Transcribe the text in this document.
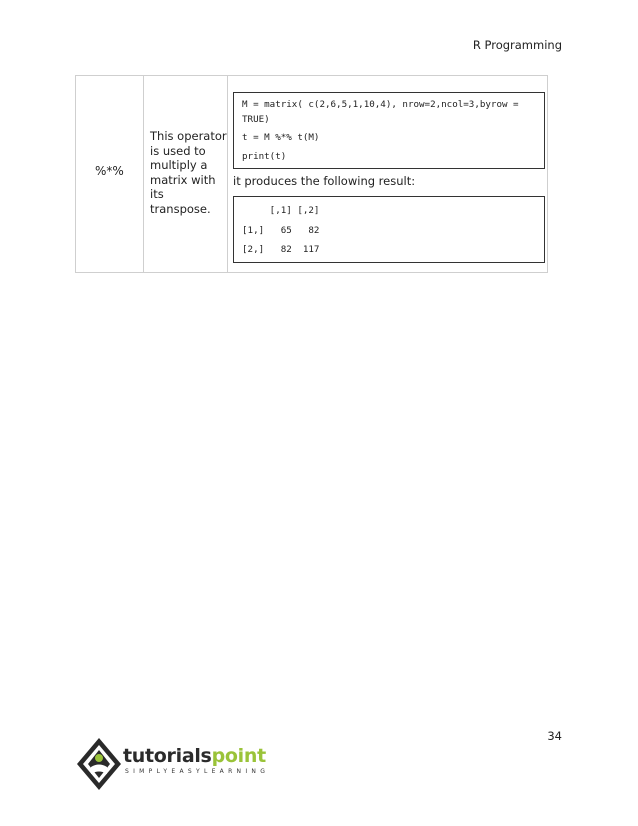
R Programming
%*%
This operator
is used to
multiply a
matrix with
its
transpose.
M = matrix( c(2,6,5,1,10,4), nrow=2,ncol=3,byrow =
TRUE)
t = M %*% t(M)
print(t)
it produces the following result:
[,1] [,2]
[1,]   65   82
[2,]   82  117
34
tutorialspoint
SIMPLYEASYLEARNING
